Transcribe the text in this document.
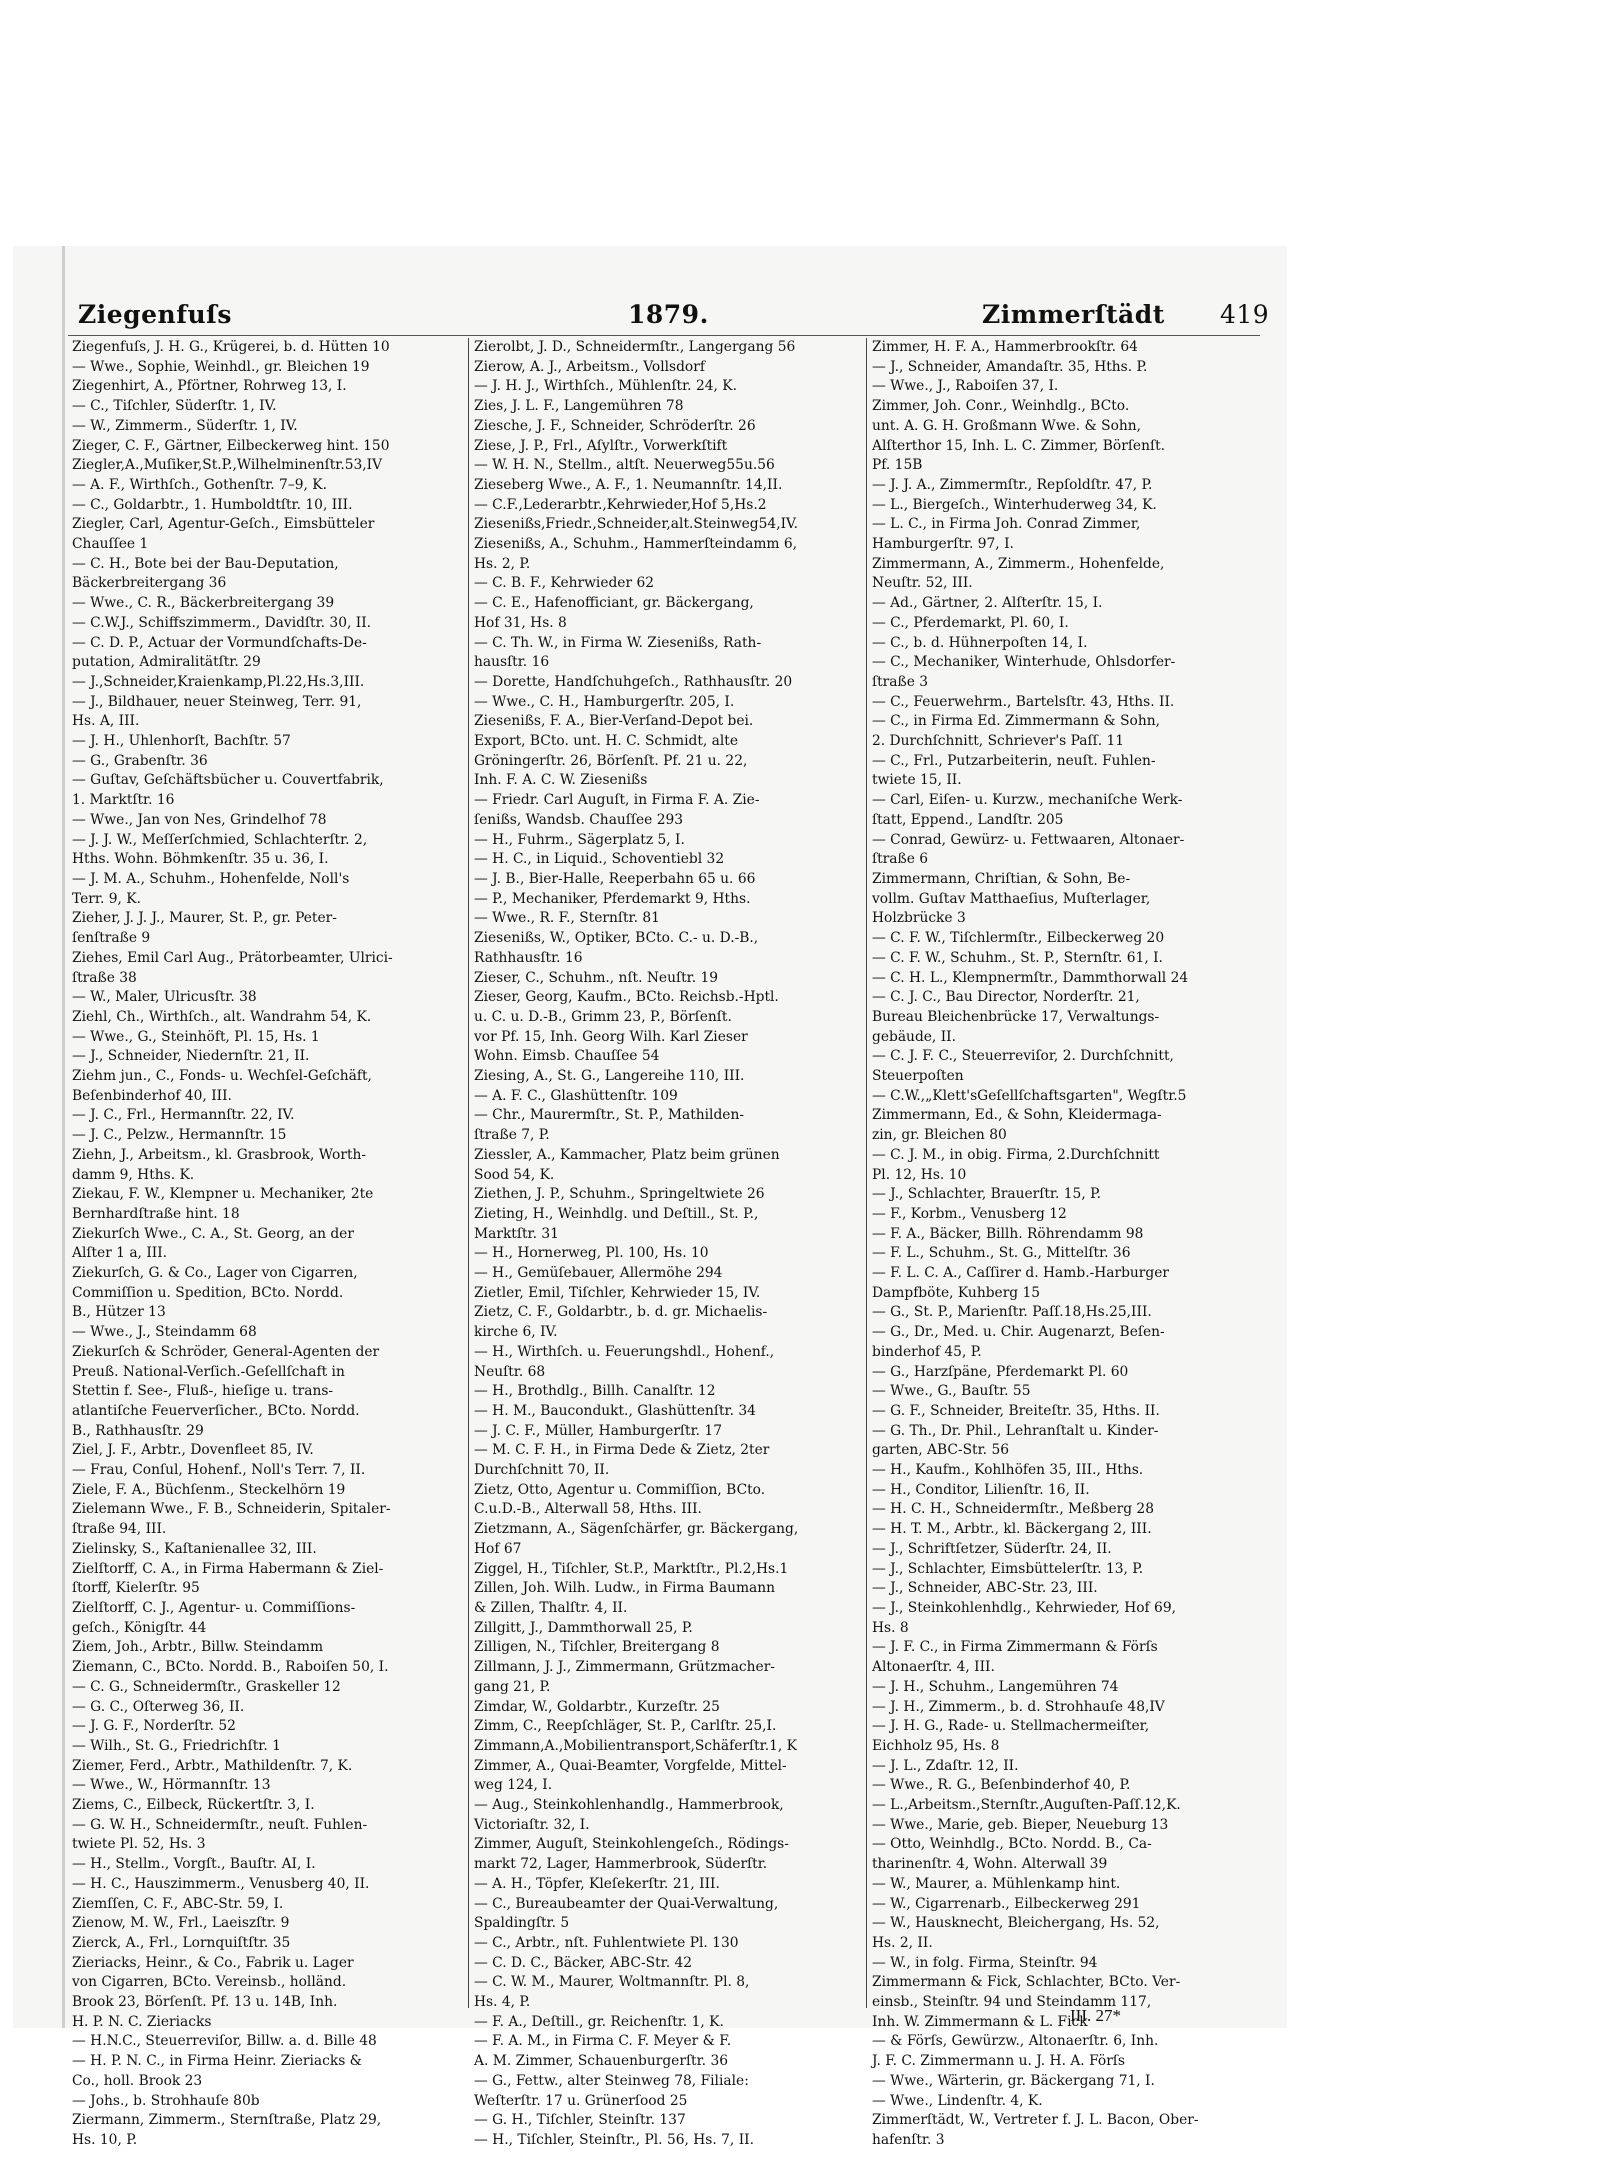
Ziegenfuſs	1879.	Zimmerſtädt 419
Ziegenfuſs, J. H. G., Krügerei, b. d. Hütten 10
— Wwe., Sophie, Weinhdl., gr. Bleichen 19
Ziegenhirt, A., Pförtner, Rohrweg 13, I.
— C., Tiſchler, Süderſtr. 1, IV.
— W., Zimmerm., Süderſtr. 1, IV.
Zieger, C. F., Gärtner, Eilbeckerweg hint. 150
Ziegler,A.,Muſiker,St.P.,Wilhelminenſtr.53,IV
— A. F., Wirthſch., Gothenſtr. 7–9, K.
— C., Goldarbtr., 1. Humboldtſtr. 10, III.
Ziegler, Carl, Agentur-Geſch., Eimsbütteler
Chauſſee 1
— C. H., Bote bei der Bau-Deputation,
Bäckerbreitergang 36
— Wwe., C. R., Bäckerbreitergang 39
— C.W.J., Schiffszimmerm., Davidſtr. 30, II.
— C. D. P., Actuar der Vormundſchafts-De-
putation, Admiralitätſtr. 29
— J.,Schneider,Kraienkamp,Pl.22,Hs.3,III.
— J., Bildhauer, neuer Steinweg, Terr. 91,
Hs. A, III.
— J. H., Uhlenhorſt, Bachſtr. 57
— G., Grabenſtr. 36
— Guſtav, Geſchäftsbücher u. Couvertfabrik,
1. Marktſtr. 16
— Wwe., Jan von Nes, Grindelhof 78
— J. J. W., Meſſerſchmied, Schlachterſtr. 2,
Hths. Wohn. Böhmkenſtr. 35 u. 36, I.
— J. M. A., Schuhm., Hohenfelde, Noll's
Terr. 9, K.
Zieher, J. J. J., Maurer, St. P., gr. Peter-
ſenſtraße 9
Ziehes, Emil Carl Aug., Prätorbeamter, Ulrici-
ſtraße 38
— W., Maler, Ulricusſtr. 38
Ziehl, Ch., Wirthſch., alt. Wandrahm 54, K.
— Wwe., G., Steinhöft, Pl. 15, Hs. 1
— J., Schneider, Niedernſtr. 21, II.
Ziehm jun., C., Fonds- u. Wechſel-Geſchäft,
Beſenbinderhof 40, III.
— J. C., Frl., Hermannſtr. 22, IV.
— J. C., Pelzw., Hermannſtr. 15
Ziehn, J., Arbeitsm., kl. Grasbrook, Worth-
damm 9, Hths. K.
Ziekau, F. W., Klempner u. Mechaniker, 2te
Bernhardſtraße hint. 18
Ziekurſch Wwe., C. A., St. Georg, an der
Alſter 1 a, III.
Ziekurſch, G. & Co., Lager von Cigarren,
Commiſſion u. Spedition, BCto. Nordd.
B., Hützer 13
— Wwe., J., Steindamm 68
Ziekurſch & Schröder, General-Agenten der
Preuß. National-Verſich.-Geſellſchaft in
Stettin f. See-, Fluß-, hieſige u. trans-
atlantiſche Feuerverſicher., BCto. Nordd.
B., Rathhausſtr. 29
Ziel, J. F., Arbtr., Dovenfleet 85, IV.
— Frau, Conſul, Hohenf., Noll's Terr. 7, II.
Ziele, F. A., Büchſenm., Steckelhörn 19
Zielemann Wwe., F. B., Schneiderin, Spitaler-
ſtraße 94, III.
Zielinsky, S., Kaſtanienallee 32, III.
Zielſtorff, C. A., in Firma Habermann & Ziel-
ſtorff, Kielerſtr. 95
Zielſtorff, C. J., Agentur- u. Commiſſions-
geſch., Königſtr. 44
Ziem, Joh., Arbtr., Billw. Steindamm
Ziemann, C., BCto. Nordd. B., Raboiſen 50, I.
— C. G., Schneidermſtr., Graskeller 12
— G. C., Oſterweg 36, II.
— J. G. F., Norderſtr. 52
— Wilh., St. G., Friedrichſtr. 1
Ziemer, Ferd., Arbtr., Mathildenſtr. 7, K.
— Wwe., W., Hörmannſtr. 13
Ziems, C., Eilbeck, Rückertſtr. 3, I.
— G. W. H., Schneidermſtr., neuſt. Fuhlen-
twiete Pl. 52, Hs. 3
— H., Stellm., Vorgſt., Bauſtr. AI, I.
— H. C., Hauszimmerm., Venusberg 40, II.
Ziemſſen, C. F., ABC-Str. 59, I.
Zienow, M. W., Frl., Laeiszſtr. 9
Zierck, A., Frl., Lornquiſtſtr. 35
Zieriacks, Heinr., & Co., Fabrik u. Lager
von Cigarren, BCto. Vereinsb., holländ.
Brook 23, Börſenſt. Pf. 13 u. 14B, Inh.
H. P. N. C. Zieriacks
— H.N.C., Steuerreviſor, Billw. a. d. Bille 48
— H. P. N. C., in Firma Heinr. Zieriacks &
Co., holl. Brook 23
— Johs., b. Strohhauſe 80b
Ziermann, Zimmerm., Sternſtraße, Platz 29,
Hs. 10, P.
Zierolbt, J. D., Schneidermſtr., Langergang 56
Zierow, A. J., Arbeitsm., Vollsdorf
— J. H. J., Wirthſch., Mühlenſtr. 24, K.
Zies, J. L. F., Langemühren 78
Ziesche, J. F., Schneider, Schröderſtr. 26
Ziese, J. P., Frl., Aſylſtr., Vorwerkſtift
— W. H. N., Stellm., altſt. Neuerweg55u.56
Zieseberg Wwe., A. F., 1. Neumannſtr. 14,II.
— C.F.,Lederarbtr.,Kehrwieder,Hof 5,Hs.2
Ziesenißs,Friedr.,Schneider,alt.Steinweg54,IV.
Ziesenißs, A., Schuhm., Hammerſteindamm 6,
Hs. 2, P.
— C. B. F., Kehrwieder 62
— C. E., Hafenofficiant, gr. Bäckergang,
Hof 31, Hs. 8
— C. Th. W., in Firma W. Ziesenißs, Rath-
hausſtr. 16
— Dorette, Handſchuhgeſch., Rathhausſtr. 20
— Wwe., C. H., Hamburgerſtr. 205, I.
Ziesenißs, F. A., Bier-Verſand-Depot bei.
Export, BCto. unt. H. C. Schmidt, alte
Gröningerſtr. 26, Börſenſt. Pf. 21 u. 22,
Inh. F. A. C. W. Ziesenißs
— Friedr. Carl Auguſt, in Firma F. A. Zie-
ſenißs, Wandsb. Chauſſee 293
— H., Fuhrm., Sägerplatz 5, I.
— H. C., in Liquid., Schoventiebl 32
— J. B., Bier-Halle, Reeperbahn 65 u. 66
— P., Mechaniker, Pferdemarkt 9, Hths.
— Wwe., R. F., Sternſtr. 81
Ziesenißs, W., Optiker, BCto. C.- u. D.-B.,
Rathhausſtr. 16
Zieser, C., Schuhm., nſt. Neuſtr. 19
Zieser, Georg, Kaufm., BCto. Reichsb.-Hptl.
u. C. u. D.-B., Grimm 23, P., Börſenſt.
vor Pf. 15, Inh. Georg Wilh. Karl Zieser
Wohn. Eimsb. Chauſſee 54
Ziesing, A., St. G., Langereihe 110, III.
— A. F. C., Glashüttenſtr. 109
— Chr., Maurermſtr., St. P., Mathilden-
ſtraße 7, P.
Ziessler, A., Kammacher, Platz beim grünen
Sood 54, K.
Ziethen, J. P., Schuhm., Springeltwiete 26
Zieting, H., Weinhdlg. und Deſtill., St. P.,
Marktſtr. 31
— H., Hornerweg, Pl. 100, Hs. 10
— H., Gemüſebauer, Allermöhe 294
Zietler, Emil, Tiſchler, Kehrwieder 15, IV.
Zietz, C. F., Goldarbtr., b. d. gr. Michaelis-
kirche 6, IV.
— H., Wirthſch. u. Feuerungshdl., Hohenf.,
Neuſtr. 68
— H., Brothdlg., Billh. Canalſtr. 12
— H. M., Baucondukt., Glashüttenſtr. 34
— J. C. F., Müller, Hamburgerſtr. 17
— M. C. F. H., in Firma Dede & Zietz, 2ter
Durchſchnitt 70, II.
Zietz, Otto, Agentur u. Commiſſion, BCto.
C.u.D.-B., Alterwall 58, Hths. III.
Zietzmann, A., Sägenſchärfer, gr. Bäckergang,
Hof 67
Ziggel, H., Tiſchler, St.P., Marktſtr., Pl.2,Hs.1
Zillen, Joh. Wilh. Ludw., in Firma Baumann
& Zillen, Thalſtr. 4, II.
Zillgitt, J., Dammthorwall 25, P.
Zilligen, N., Tiſchler, Breitergang 8
Zillmann, J. J., Zimmermann, Grützmacher-
gang 21, P.
Zimdar, W., Goldarbtr., Kurzeſtr. 25
Zimm, C., Reepſchläger, St. P., Carlſtr. 25,I.
Zimmann,A.,Mobilientransport,Schäferſtr.1, K
Zimmer, A., Quai-Beamter, Vorgfelde, Mittel-
weg 124, I.
— Aug., Steinkohlenhandlg., Hammerbrook,
Victoriaſtr. 32, I.
Zimmer, Auguſt, Steinkohlengeſch., Rödings-
markt 72, Lager, Hammerbrook, Süderſtr.
— A. H., Töpfer, Kleſekerſtr. 21, III.
— C., Bureaubeamter der Quai-Verwaltung,
Spaldingſtr. 5
— C., Arbtr., nſt. Fuhlentwiete Pl. 130
— C. D. C., Bäcker, ABC-Str. 42
— C. W. M., Maurer, Woltmannſtr. Pl. 8,
Hs. 4, P.
— F. A., Deſtill., gr. Reichenſtr. 1, K.
— F. A. M., in Firma C. F. Meyer & F.
A. M. Zimmer, Schauenburgerſtr. 36
— G., Fettw., alter Steinweg 78, Filiale:
Weſterſtr. 17 u. Grünerſood 25
— G. H., Tiſchler, Steinſtr. 137
— H., Tiſchler, Steinſtr., Pl. 56, Hs. 7, II.
Zimmer, H. F. A., Hammerbrookſtr. 64
— J., Schneider, Amandaſtr. 35, Hths. P.
— Wwe., J., Raboiſen 37, I.
Zimmer, Joh. Conr., Weinhdlg., BCto.
unt. A. G. H. Großmann Wwe. & Sohn,
Alſterthor 15, Inh. L. C. Zimmer, Börſenſt.
Pf. 15B
— J. J. A., Zimmermſtr., Repſoldſtr. 47, P.
— L., Biergeſch., Winterhuderweg 34, K.
— L. C., in Firma Joh. Conrad Zimmer,
Hamburgerſtr. 97, I.
Zimmermann, A., Zimmerm., Hohenfelde,
Neuſtr. 52, III.
— Ad., Gärtner, 2. Alſterſtr. 15, I.
— C., Pferdemarkt, Pl. 60, I.
— C., b. d. Hühnerpoſten 14, I.
— C., Mechaniker, Winterhude, Ohlsdorfer-
ſtraße 3
— C., Feuerwehrm., Bartelsſtr. 43, Hths. II.
— C., in Firma Ed. Zimmermann & Sohn,
2. Durchſchnitt, Schriever's Paſſ. 11
— C., Frl., Putzarbeiterin, neuſt. Fuhlen-
twiete 15, II.
— Carl, Eiſen- u. Kurzw., mechaniſche Werk-
ſtatt, Eppend., Landſtr. 205
— Conrad, Gewürz- u. Fettwaaren, Altonaer-
ſtraße 6
Zimmermann, Chriſtian, & Sohn, Be-
vollm. Guſtav Matthaeſius, Muſterlager,
Holzbrücke 3
— C. F. W., Tiſchlermſtr., Eilbeckerweg 20
— C. F. W., Schuhm., St. P., Sternſtr. 61, I.
— C. H. L., Klempnermſtr., Dammthorwall 24
— C. J. C., Bau Director, Norderſtr. 21,
Bureau Bleichenbrücke 17, Verwaltungs-
gebäude, II.
— C. J. F. C., Steuerreviſor, 2. Durchſchnitt,
Steuerpoſten
— C.W.,„Klett'sGeſellſchaftsgarten", Wegſtr.5
Zimmermann, Ed., & Sohn, Kleidermaga-
zin, gr. Bleichen 80
— C. J. M., in obig. Firma, 2.Durchſchnitt
Pl. 12, Hs. 10
— J., Schlachter, Brauerſtr. 15, P.
— F., Korbm., Venusberg 12
— F. A., Bäcker, Billh. Röhrendamm 98
— F. L., Schuhm., St. G., Mittelſtr. 36
— F. L. C. A., Caſſirer d. Hamb.-Harburger
Dampfböte, Kuhberg 15
— G., St. P., Marienſtr. Paſſ.18,Hs.25,III.
— G., Dr., Med. u. Chir. Augenarzt, Beſen-
binderhof 45, P.
— G., Harzſpäne, Pferdemarkt Pl. 60
— Wwe., G., Bauſtr. 55
— G. F., Schneider, Breiteſtr. 35, Hths. II.
— G. Th., Dr. Phil., Lehranſtalt u. Kinder-
garten, ABC-Str. 56
— H., Kaufm., Kohlhöfen 35, III., Hths.
— H., Conditor, Lilienſtr. 16, II.
— H. C. H., Schneidermſtr., Meßberg 28
— H. T. M., Arbtr., kl. Bäckergang 2, III.
— J., Schriftſetzer, Süderſtr. 24, II.
— J., Schlachter, Eimsbüttelerſtr. 13, P.
— J., Schneider, ABC-Str. 23, III.
— J., Steinkohlenhdlg., Kehrwieder, Hof 69,
Hs. 8
— J. F. C., in Firma Zimmermann & Förſs
Altonaerſtr. 4, III.
— J. H., Schuhm., Langemühren 74
— J. H., Zimmerm., b. d. Strohhauſe 48,IV
— J. H. G., Rade- u. Stellmachermeiſter,
Eichholz 95, Hs. 8
— J. L., Zdaſtr. 12, II.
— Wwe., R. G., Beſenbinderhof 40, P.
— L.,Arbeitsm.,Sternſtr.,Auguſten-Paſſ.12,K.
— Wwe., Marie, geb. Bieper, Neueburg 13
— Otto, Weinhdlg., BCto. Nordd. B., Ca-
tharinenſtr. 4, Wohn. Alterwall 39
— W., Maurer, a. Mühlenkamp hint.
— W., Cigarrenarb., Eilbeckerweg 291
— W., Hausknecht, Bleichergang, Hs. 52,
Hs. 2, II.
— W., in folg. Firma, Steinſtr. 94
Zimmermann & Fick, Schlachter, BCto. Ver-
einsb., Steinſtr. 94 und Steindamm 117,
Inh. W. Zimmermann & L. Fick
— & Förſs, Gewürzw., Altonaerſtr. 6, Inh.
J. F. C. Zimmermann u. J. H. A. Förſs
— Wwe., Wärterin, gr. Bäckergang 71, I.
— Wwe., Lindenſtr. 4, K.
Zimmerſtädt, W., Vertreter f. J. L. Bacon, Ober-
hafenſtr. 3
III. 27*
